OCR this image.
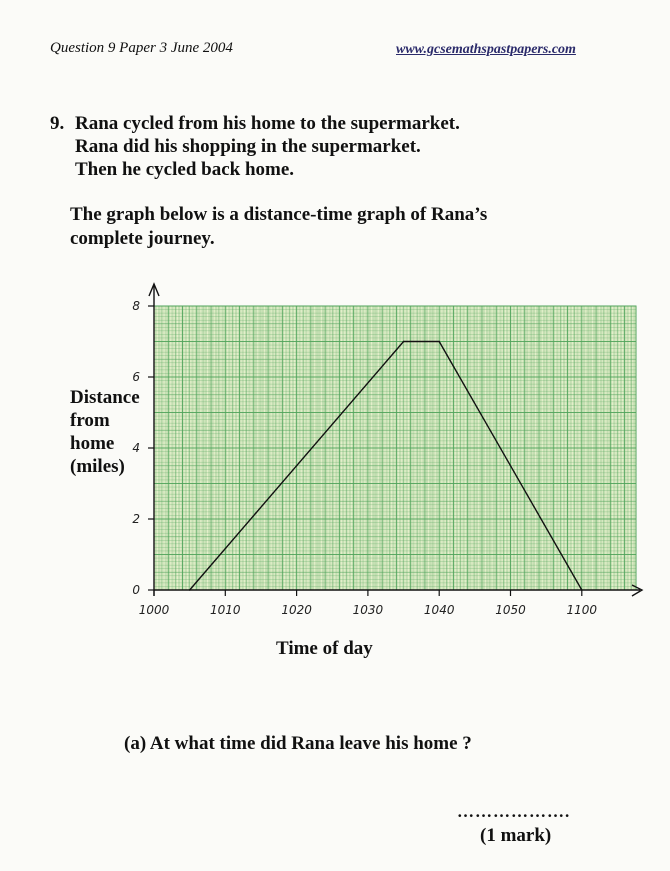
Question 9 Paper 3 June 2004	www.gcsemathspastpapers.com
9. Rana cycled from his home to the supermarket.
Rana did his shopping in the supermarket.
Then he cycled back home.
The graph below is a distance-time graph of Rana’s
complete journey.
1000	1010	1020	1030	1040	1050	1100
0
2
4
6
8
Distance
from
home
(miles)
Time of day
(a) At what time did Rana leave his home ?
……………….
(1 mark)
